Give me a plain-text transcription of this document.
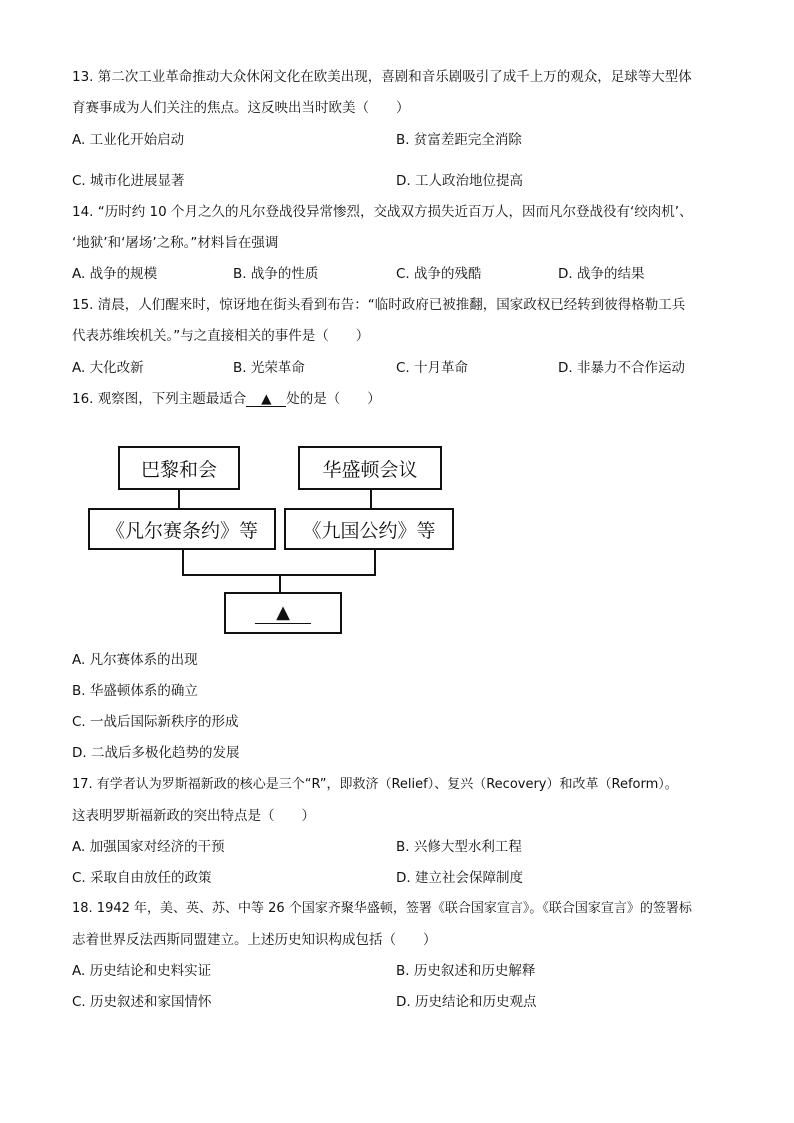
13. 第二次工业革命推动大众休闲文化在欧美出现，喜剧和音乐剧吸引了成千上万的观众，足球等大型体
育赛事成为人们关注的焦点。这反映出当时欧美（　　）
A. 工业化开始启动	B. 贫富差距完全消除
C. 城市化进展显著	D. 工人政治地位提高
14. “历时约 10 个月之久的凡尔登战役异常惨烈，交战双方损失近百万人，因而凡尔登战役有‘绞肉机’、
‘地狱’和‘屠场’之称。”材料旨在强调
A. 战争的规模	B. 战争的性质	C. 战争的残酷	D. 战争的结果
15. 清晨，人们醒来时，惊讶地在街头看到布告：“临时政府已被推翻，国家政权已经转到彼得格勒工兵
代表苏维埃机关。”与之直接相关的事件是（　　）
A. 大化改新	B. 光荣革命	C. 十月革命	D. 非暴力不合作运动
16. 观察图，下列主题最适合 ▲ 处的是（　　）
巴黎和会	华盛顿会议
《凡尔赛条约》等	《九国公约》等
▲
A. 凡尔赛体系的出现
B. 华盛顿体系的确立
C. 一战后国际新秩序的形成
D. 二战后多极化趋势的发展
17. 有学者认为罗斯福新政的核心是三个“R”，即救济（Relief）、复兴（Recovery）和改革（Reform）。
这表明罗斯福新政的突出特点是（　　）
A. 加强国家对经济的干预	B. 兴修大型水利工程
C. 采取自由放任的政策	D. 建立社会保障制度
18. 1942 年，美、英、苏、中等 26 个国家齐聚华盛顿，签署《联合国家宣言》。《联合国家宣言》的签署标
志着世界反法西斯同盟建立。上述历史知识构成包括（　　）
A. 历史结论和史料实证	B. 历史叙述和历史解释
C. 历史叙述和家国情怀	D. 历史结论和历史观点
